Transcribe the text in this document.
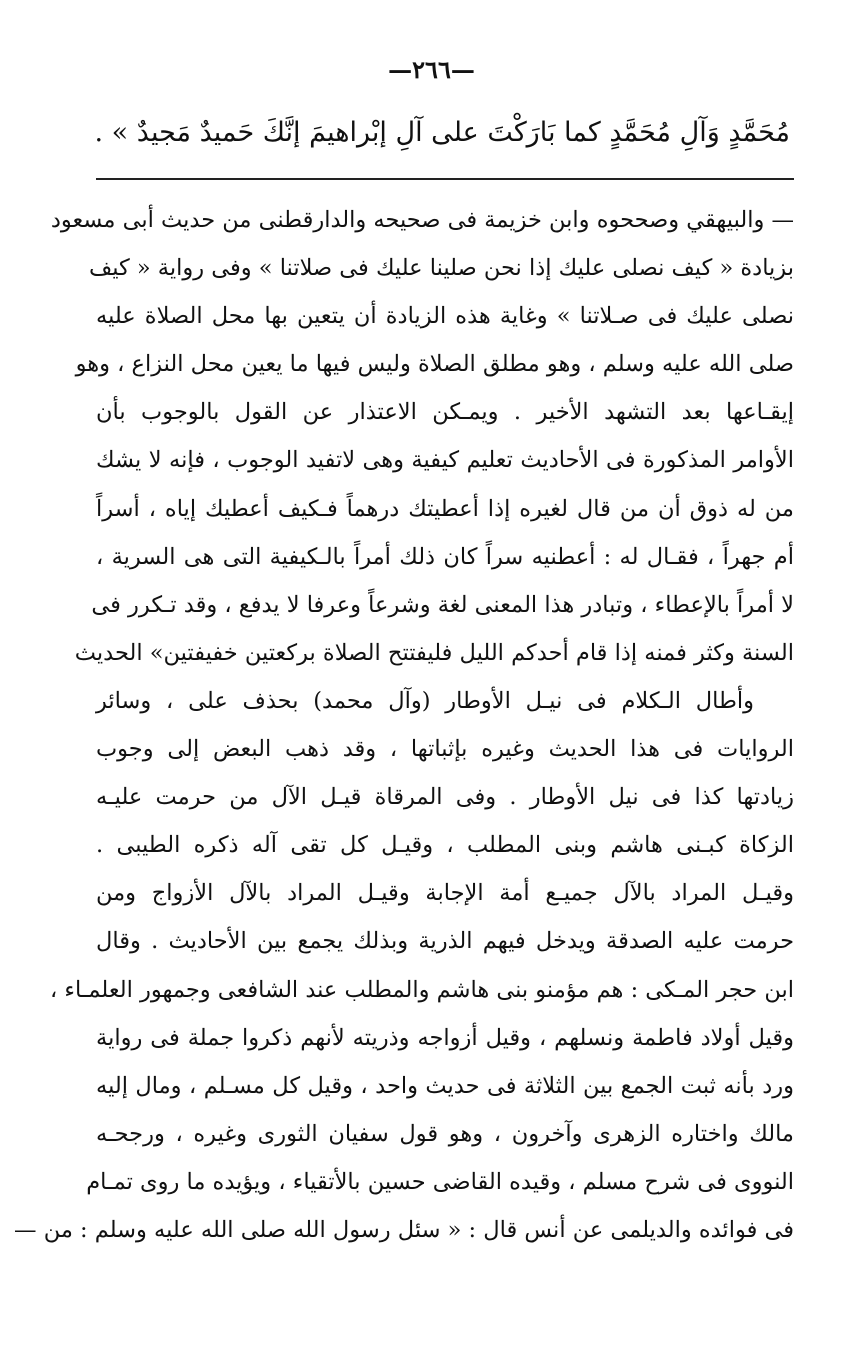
—٢٦٦—
مُحَمَّدٍ وَآلِ مُحَمَّدٍ كما بَارَكْتَ على آلِ إبْراهيمَ إنَّكَ حَميدٌ مَجيدٌ » .
— والبيهقي وصححوه وابن خزيمة فى صحيحه والدارقطنى من حديث أبى مسعود
بزيادة « كيف نصلى عليك إذا نحن صلينا عليك فى صلاتنا » وفى رواية « كيف
نصلى عليك فى صـلاتنا » وغاية هذه الزيادة أن يتعين بها محل الصلاة عليه
صلى الله عليه وسلم ، وهو مطلق الصلاة وليس فيها ما يعين محل النزاع ، وهو
إيقـاعها بعد التشهد الأخير . ويمـكن الاعتذار عن القول بالوجوب بأن
الأوامر المذكورة فى الأحاديث تعليم كيفية وهى لاتفيد الوجوب ، فإنه لا يشك
من له ذوق أن من قال لغيره إذا أعطيتك درهماً فـكيف أعطيك إياه ، أسراً
أم جهراً ، فقـال له : أعطنيه سراً كان ذلك أمراً بالـكيفية التى هى السرية ،
لا أمراً بالإعطاء ، وتبادر هذا المعنى لغة وشرعاً وعرفا لا يدفع ، وقد تـكرر فى
السنة وكثر فمنه إذا قام أحدكم الليل فليفتتح الصلاة بركعتين خفيفتين» الحديث
وأطال الـكلام فى نيـل الأوطار (وآل محمد) بحذف على ، وسائر
الروايات فى هذا الحديث وغيره بإثباتها ، وقد ذهب البعض إلى وجوب
زيادتها كذا فى نيل الأوطار . وفى المرقاة قيـل الآل من حرمت عليـه
الزكاة كبـنى هاشم وبنى المطلب ، وقيـل كل تقى آله ذكره الطيبى .
وقيـل المراد بالآل جميـع أمة الإجابة وقيـل المراد بالآل الأزواج ومن
حرمت عليه الصدقة ويدخل فيهم الذرية وبذلك يجمع بين الأحاديث . وقال
ابن حجر المـكى : هم مؤمنو بنى هاشم والمطلب عند الشافعى وجمهور العلمـاء ،
وقيل أولاد فاطمة ونسلهم ، وقيل أزواجه وذريته لأنهم ذكروا جملة فى رواية
ورد بأنه ثبت الجمع بين الثلاثة فى حديث واحد ، وقيل كل مسـلم ، ومال إليه
مالك واختاره الزهرى وآخرون ، وهو قول سفيان الثورى وغيره ، ورجحـه
النووى فى شرح مسلم ، وقيده القاضى حسين بالأتقياء ، ويؤيده ما روى تمـام
فى فوائده والديلمى عن أنس قال : « سئل رسول الله صلى الله عليه وسلم : من —
